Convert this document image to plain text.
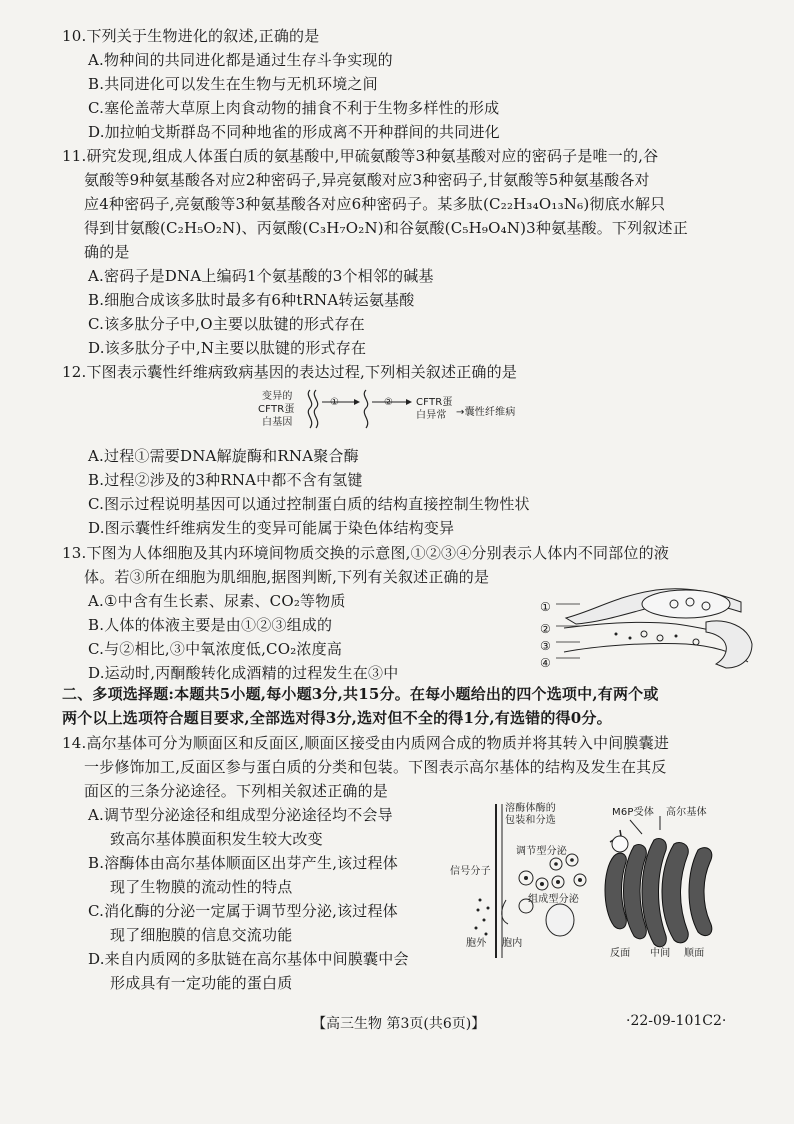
10.下列关于生物进化的叙述,正确的是
A.物种间的共同进化都是通过生存斗争实现的
B.共同进化可以发生在生物与无机环境之间
C.塞伦盖蒂大草原上肉食动物的捕食不利于生物多样性的形成
D.加拉帕戈斯群岛不同种地雀的形成离不开种群间的共同进化
11.研究发现,组成人体蛋白质的氨基酸中,甲硫氨酸等3种氨基酸对应的密码子是唯一的,谷
氨酸等9种氨基酸各对应2种密码子,异亮氨酸对应3种密码子,甘氨酸等5种氨基酸各对
应4种密码子,亮氨酸等3种氨基酸各对应6种密码子。某多肽(C₂₂H₃₄O₁₃N₆)彻底水解只
得到甘氨酸(C₂H₅O₂N)、丙氨酸(C₃H₇O₂N)和谷氨酸(C₅H₉O₄N)3种氨基酸。下列叙述正
确的是
A.密码子是DNA上编码1个氨基酸的3个相邻的碱基
B.细胞合成该多肽时最多有6种tRNA转运氨基酸
C.该多肽分子中,O主要以肽键的形式存在
D.该多肽分子中,N主要以肽键的形式存在
12.下图表示囊性纤维病致病基因的表达过程,下列相关叙述正确的是
变异的
CFTR蛋
白基因
①	② CFTR蛋
白异常 →囊性纤维病
A.过程①需要DNA解旋酶和RNA聚合酶
B.过程②涉及的3种RNA中都不含有氢键
C.图示过程说明基因可以通过控制蛋白质的结构直接控制生物性状
D.图示囊性纤维病发生的变异可能属于染色体结构变异
13.下图为人体细胞及其内环境间物质交换的示意图,①②③④分别表示人体内不同部位的液
体。若③所在细胞为肌细胞,据图判断,下列有关叙述正确的是
A.①中含有生长素、尿素、CO₂等物质
B.人体的体液主要是由①②③组成的
C.与②相比,③中氧浓度低,CO₂浓度高
D.运动时,丙酮酸转化成酒精的过程发生在③中
①
②
③
④
二、多项选择题:本题共5小题,每小题3分,共15分。在每小题给出的四个选项中,有两个或
两个以上选项符合题目要求,全部选对得3分,选对但不全的得1分,有选错的得0分。
14.高尔基体可分为顺面区和反面区,顺面区接受由内质网合成的物质并将其转入中间膜囊进
一步修饰加工,反面区参与蛋白质的分类和包装。下图表示高尔基体的结构及发生在其反
面区的三条分泌途径。下列相关叙述正确的是
A.调节型分泌途径和组成型分泌途径均不会导
致高尔基体膜面积发生较大改变
B.溶酶体由高尔基体顺面区出芽产生,该过程体
现了生物膜的流动性的特点
C.消化酶的分泌一定属于调节型分泌,该过程体
现了细胞膜的信息交流功能
D.来自内质网的多肽链在高尔基体中间膜囊中会
形成具有一定功能的蛋白质
溶酶体酶的
包装和分选
M6P受体 高尔基体
调节型分泌
信号分子
组成型分泌
胞外 胞内
反面 中间 顺面
【高三生物 第3页(共6页)】	·22-09-101C2·
